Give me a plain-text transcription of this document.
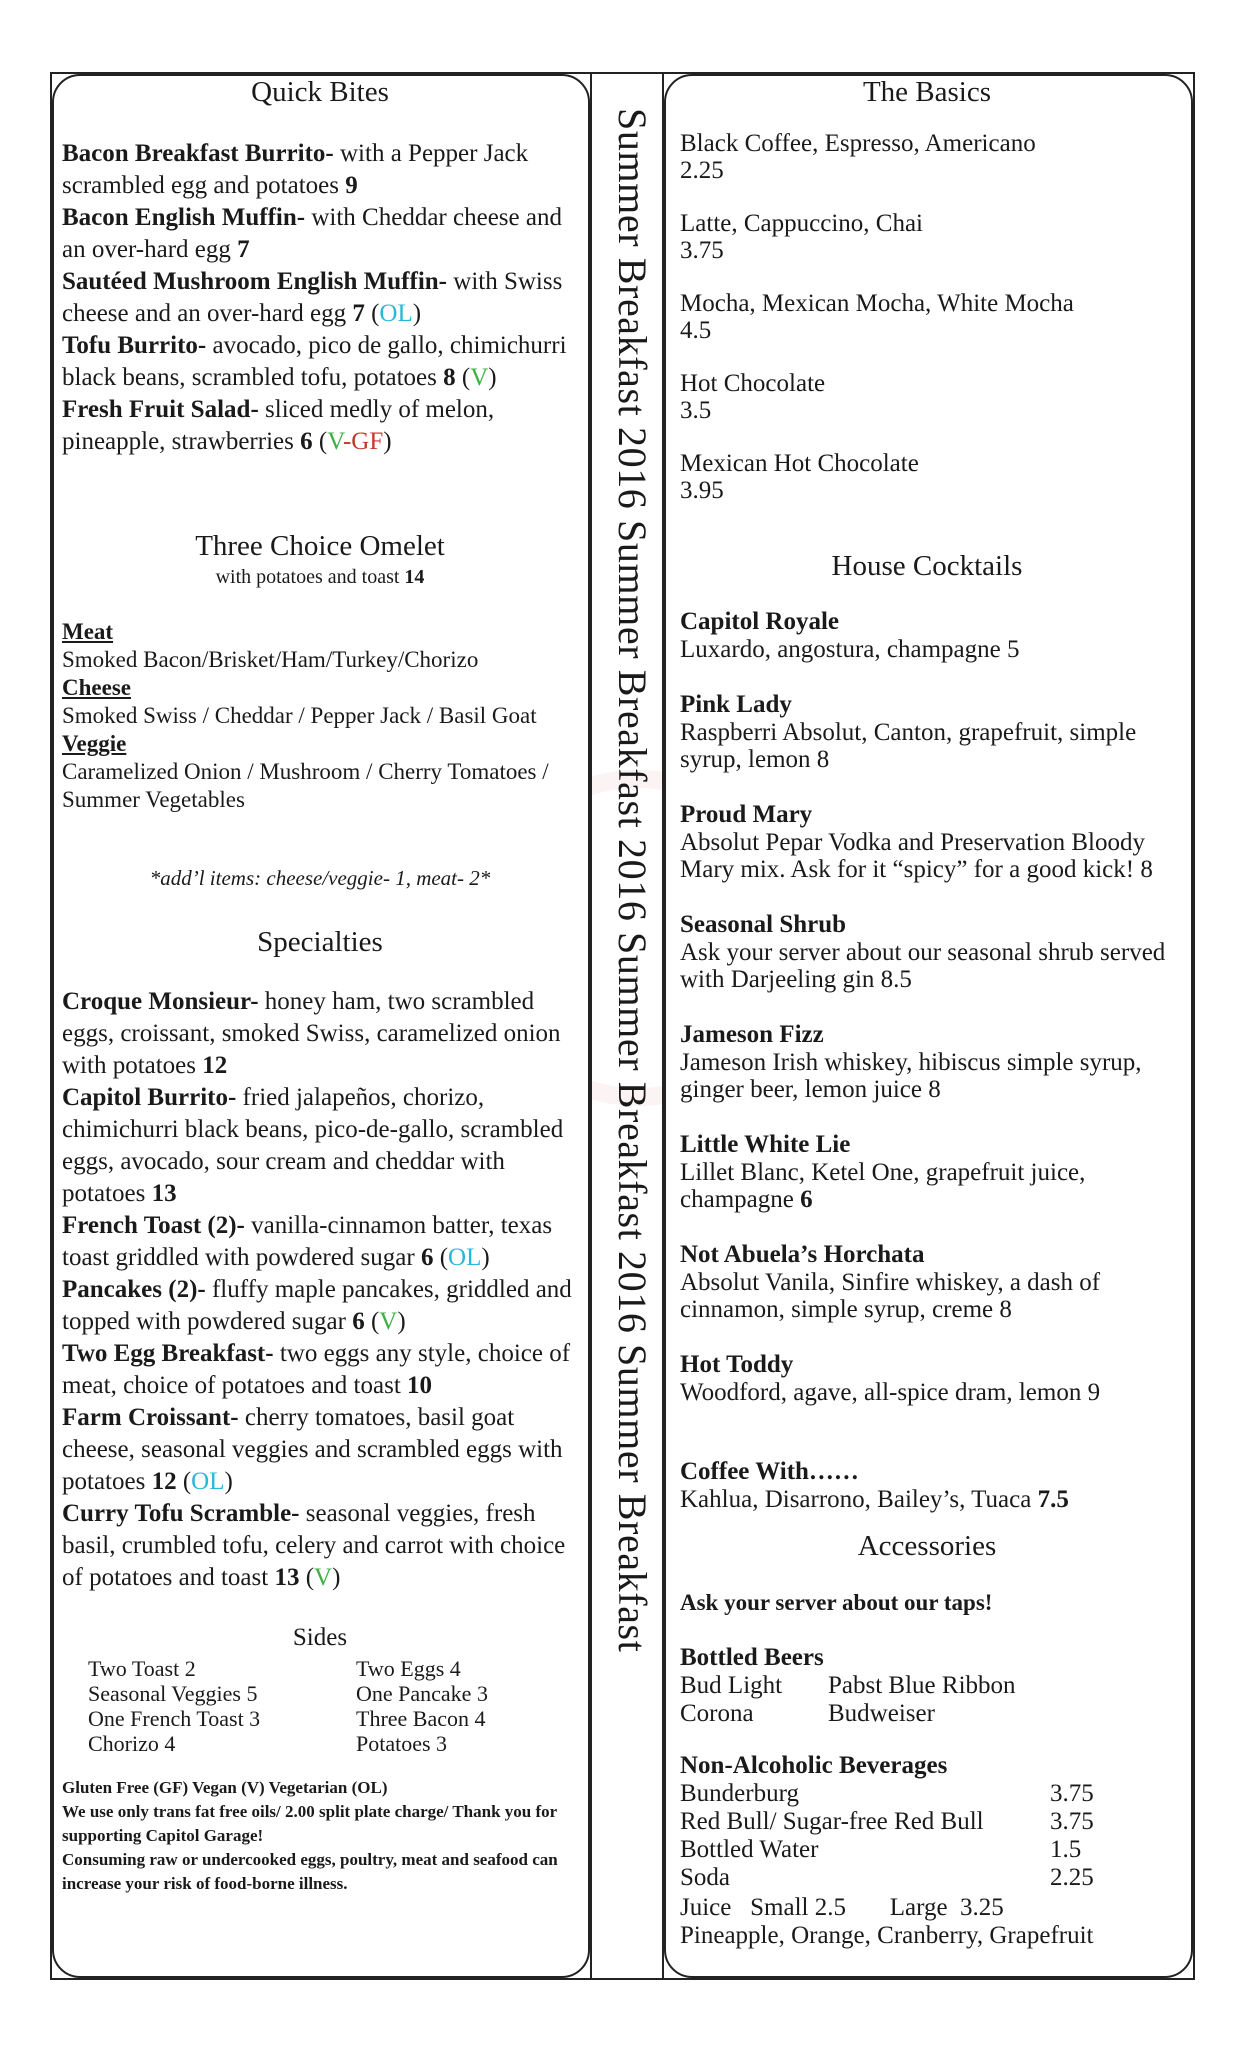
Quick Bites
Bacon Breakfast Burrito- with a Pepper Jack scrambled egg and potatoes 9
Bacon English Muffin- with Cheddar cheese and an over-hard egg 7
Sautéed Mushroom English Muffin- with Swiss cheese and an over-hard egg 7 (OL)
Tofu Burrito- avocado, pico de gallo, chimichurri black beans, scrambled tofu, potatoes 8 (V)
Fresh Fruit Salad- sliced medly of melon, pineapple, strawberries 6 (V-GF)
Three Choice Omelet
with potatoes and toast 14
Meat
Smoked Bacon/Brisket/Ham/Turkey/Chorizo
Cheese
Smoked Swiss / Cheddar / Pepper Jack / Basil Goat
Veggie
Caramelized Onion / Mushroom / Cherry Tomatoes / Summer Vegetables
*add’l items: cheese/veggie- 1, meat- 2*
Specialties
Croque Monsieur- honey ham, two scrambled eggs, croissant, smoked Swiss, caramelized onion with potatoes 12
Capitol Burrito- fried jalapeños, chorizo, chimichurri black beans, pico-de-gallo, scrambled eggs, avocado, sour cream and cheddar with potatoes 13
French Toast (2)- vanilla-cinnamon batter, texas toast griddled with powdered sugar 6 (OL)
Pancakes (2)- fluffy maple pancakes, griddled and topped with powdered sugar 6 (V)
Two Egg Breakfast- two eggs any style, choice of meat, choice of potatoes and toast 10
Farm Croissant- cherry tomatoes, basil goat cheese, seasonal veggies and scrambled eggs with potatoes 12 (OL)
Curry Tofu Scramble- seasonal veggies, fresh basil, crumbled tofu, celery and carrot with choice of potatoes and toast 13 (V)
Sides
Two Toast 2	Two Eggs 4
Seasonal Veggies 5	One Pancake 3
One French Toast 3	Three Bacon 4
Chorizo 4	Potatoes 3
Gluten Free (GF) Vegan (V) Vegetarian (OL)
We use only trans fat free oils/ 2.00 split plate charge/ Thank you for supporting Capitol Garage!
Consuming raw or undercooked eggs, poultry, meat and seafood can increase your risk of food-borne illness.
Summer Breakfast 2016 Summer Breakfast 2016 Summer Breakfast 2016 Summer Breakfast
The Basics
Black Coffee, Espresso, Americano
2.25
Latte, Cappuccino, Chai
3.75
Mocha, Mexican Mocha, White Mocha
4.5
Hot Chocolate
3.5
Mexican Hot Chocolate
3.95
House Cocktails
Capitol Royale
Luxardo, angostura, champagne 5
Pink Lady
Raspberri Absolut, Canton, grapefruit, simple syrup, lemon 8
Proud Mary
Absolut Pepar Vodka and Preservation Bloody Mary mix. Ask for it “spicy” for a good kick! 8
Seasonal Shrub
Ask your server about our seasonal shrub served with Darjeeling gin 8.5
Jameson Fizz
Jameson Irish whiskey, hibiscus simple syrup, ginger beer, lemon juice 8
Little White Lie
Lillet Blanc, Ketel One, grapefruit juice, champagne 6
Not Abuela’s Horchata
Absolut Vanila, Sinfire whiskey, a dash of cinnamon, simple syrup, creme 8
Hot Toddy
Woodford, agave, all-spice dram, lemon 9
Coffee With……
Kahlua, Disarrono, Bailey’s, Tuaca 7.5
Accessories
Ask your server about our taps!
Bottled Beers
Bud Light	Pabst Blue Ribbon
Corona	Budweiser
Non-Alcoholic Beverages
Bunderburg	3.75
Red Bull/ Sugar-free Red Bull	3.75
Bottled Water	1.5
Soda	2.25
Juice   Small 2.5       Large  3.25
Pineapple, Orange, Cranberry, Grapefruit
